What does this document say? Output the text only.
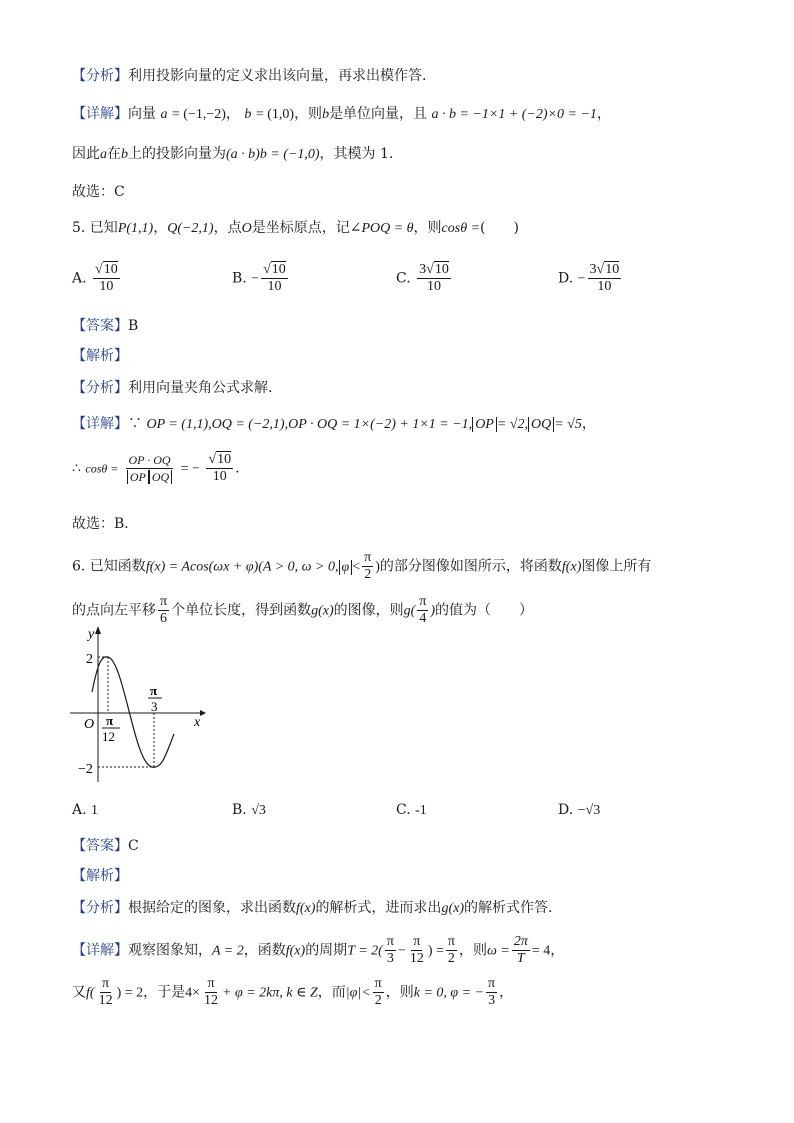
【分析】利用投影向量的定义求出该向量，再求出模作答.
【详解】向量 a = (−1,−2)， b = (1,0)，则b是单位向量，且 a · b = −1×1 + (−2)×0 = −1，
因此a在b上的投影向量为(a · b)b = (−1,0)，其模为 1.
故选：C
5. 已知P(1,1)，Q(−2,1)，点O是坐标原点，记∠POQ = θ，则cosθ =(　　)
A. $\frac{√10}{10}$	B. − $\frac{√10}{10}$	C. $\frac{3√10}{10}$	D. − $\frac{3√10}{10}$
【答案】B
【解析】
【分析】利用向量夹角公式求解.
【详解】∵ OP = (1,1),OQ = (−2,1),OP · OQ = 1×(−2) + 1×1 = −1, OP = √2, OQ = √5，
∴ $\cos\theta = \frac{OP \cdot OQ}{\text{OP OQ}}$ = − $\frac{√10}{10}$ .
故选：B．
6. 已知函数f(x) = Acos(ωx + φ)(A > 0, ω > 0, $\varphi < \frac{\pi}{2}$ )的部分图像如图所示，将函数f(x)图像上所有
的点向左平移 $\frac{\pi}{6}$ 个单位长度，得到函数g(x)的图像，则$g( \frac{\pi}{4}$ )的值为（　　）
y
x
O
2
−2
π
12
π
3
A. 1	B. √3	C. -1	D. −√3
【答案】C
【解析】
【分析】根据给定的图象，求出函数f(x)的解析式，进而求出g(x)的解析式作答.
【详解】观察图象知，A = 2，函数f(x)的周期$T = 2( \frac{\pi}{3} - \frac{\pi}{12}$ ) = $\frac{\pi}{2}$ ，则$\omega = \frac{2\pi}{T} = 4$，
又$f( \frac{\pi}{12}$ ) = 2，于是$4\times \frac{\pi}{12} + \varphi = 2k\pi$, k ∈ Z，而$|\varphi|< \frac{\pi}{2}$ ，则k = 0, φ = − $\frac{\pi}{3}$ ，
